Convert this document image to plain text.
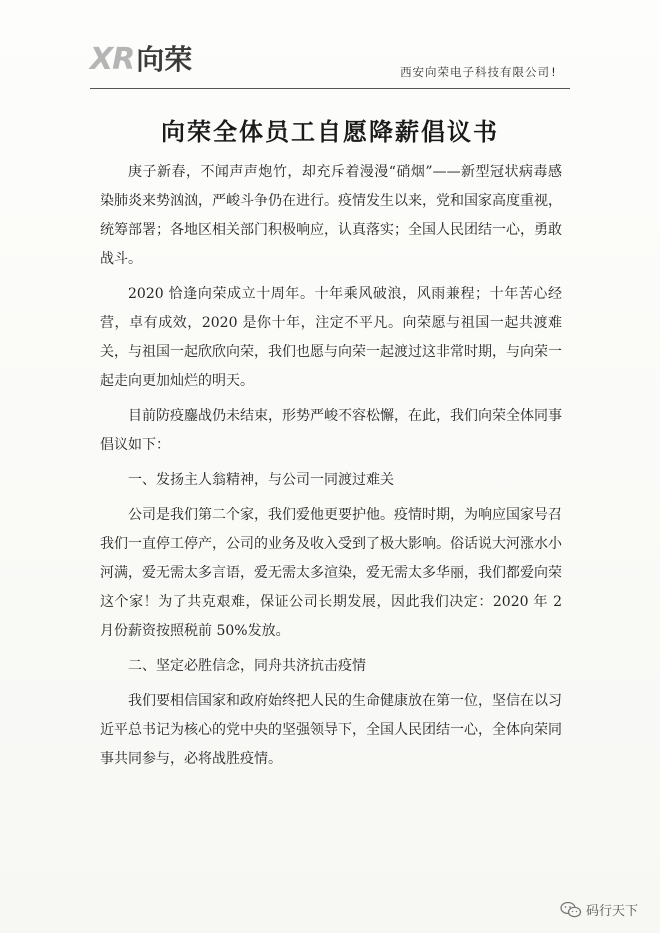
XR 向荣	西安向荣电子科技有限公司!
向荣全体员工自愿降薪倡议书

庚子新春，不闻声声炮竹，却充斥着漫漫“硝烟”——新型冠状病毒感染肺炎来势汹汹，严峻斗争仍在进行。疫情发生以来，党和国家高度重视，统筹部署；各地区相关部门积极响应，认真落实；全国人民团结一心，勇敢战斗。

2020 恰逢向荣成立十周年。十年乘风破浪，风雨兼程；十年苦心经营，卓有成效，2020 是你十年，注定不平凡。向荣愿与祖国一起共渡难关，与祖国一起欣欣向荣，我们也愿与向荣一起渡过这非常时期，与向荣一起走向更加灿烂的明天。

目前防疫鏖战仍未结束，形势严峻不容松懈，在此，我们向荣全体同事倡议如下：

一、发扬主人翁精神，与公司一同渡过难关

公司是我们第二个家，我们爱他更要护他。疫情时期，为响应国家号召我们一直停工停产，公司的业务及收入受到了极大影响。俗话说大河涨水小河满，爱无需太多言语，爱无需太多渲染，爱无需太多华丽，我们都爱向荣这个家！为了共克艰难，保证公司长期发展，因此我们决定：2020 年 2 月份薪资按照税前 50%发放。

二、坚定必胜信念，同舟共济抗击疫情

我们要相信国家和政府始终把人民的生命健康放在第一位，坚信在以习近平总书记为核心的党中央的坚强领导下，全国人民团结一心，全体向荣同事共同参与，必将战胜疫情。

码行天下
